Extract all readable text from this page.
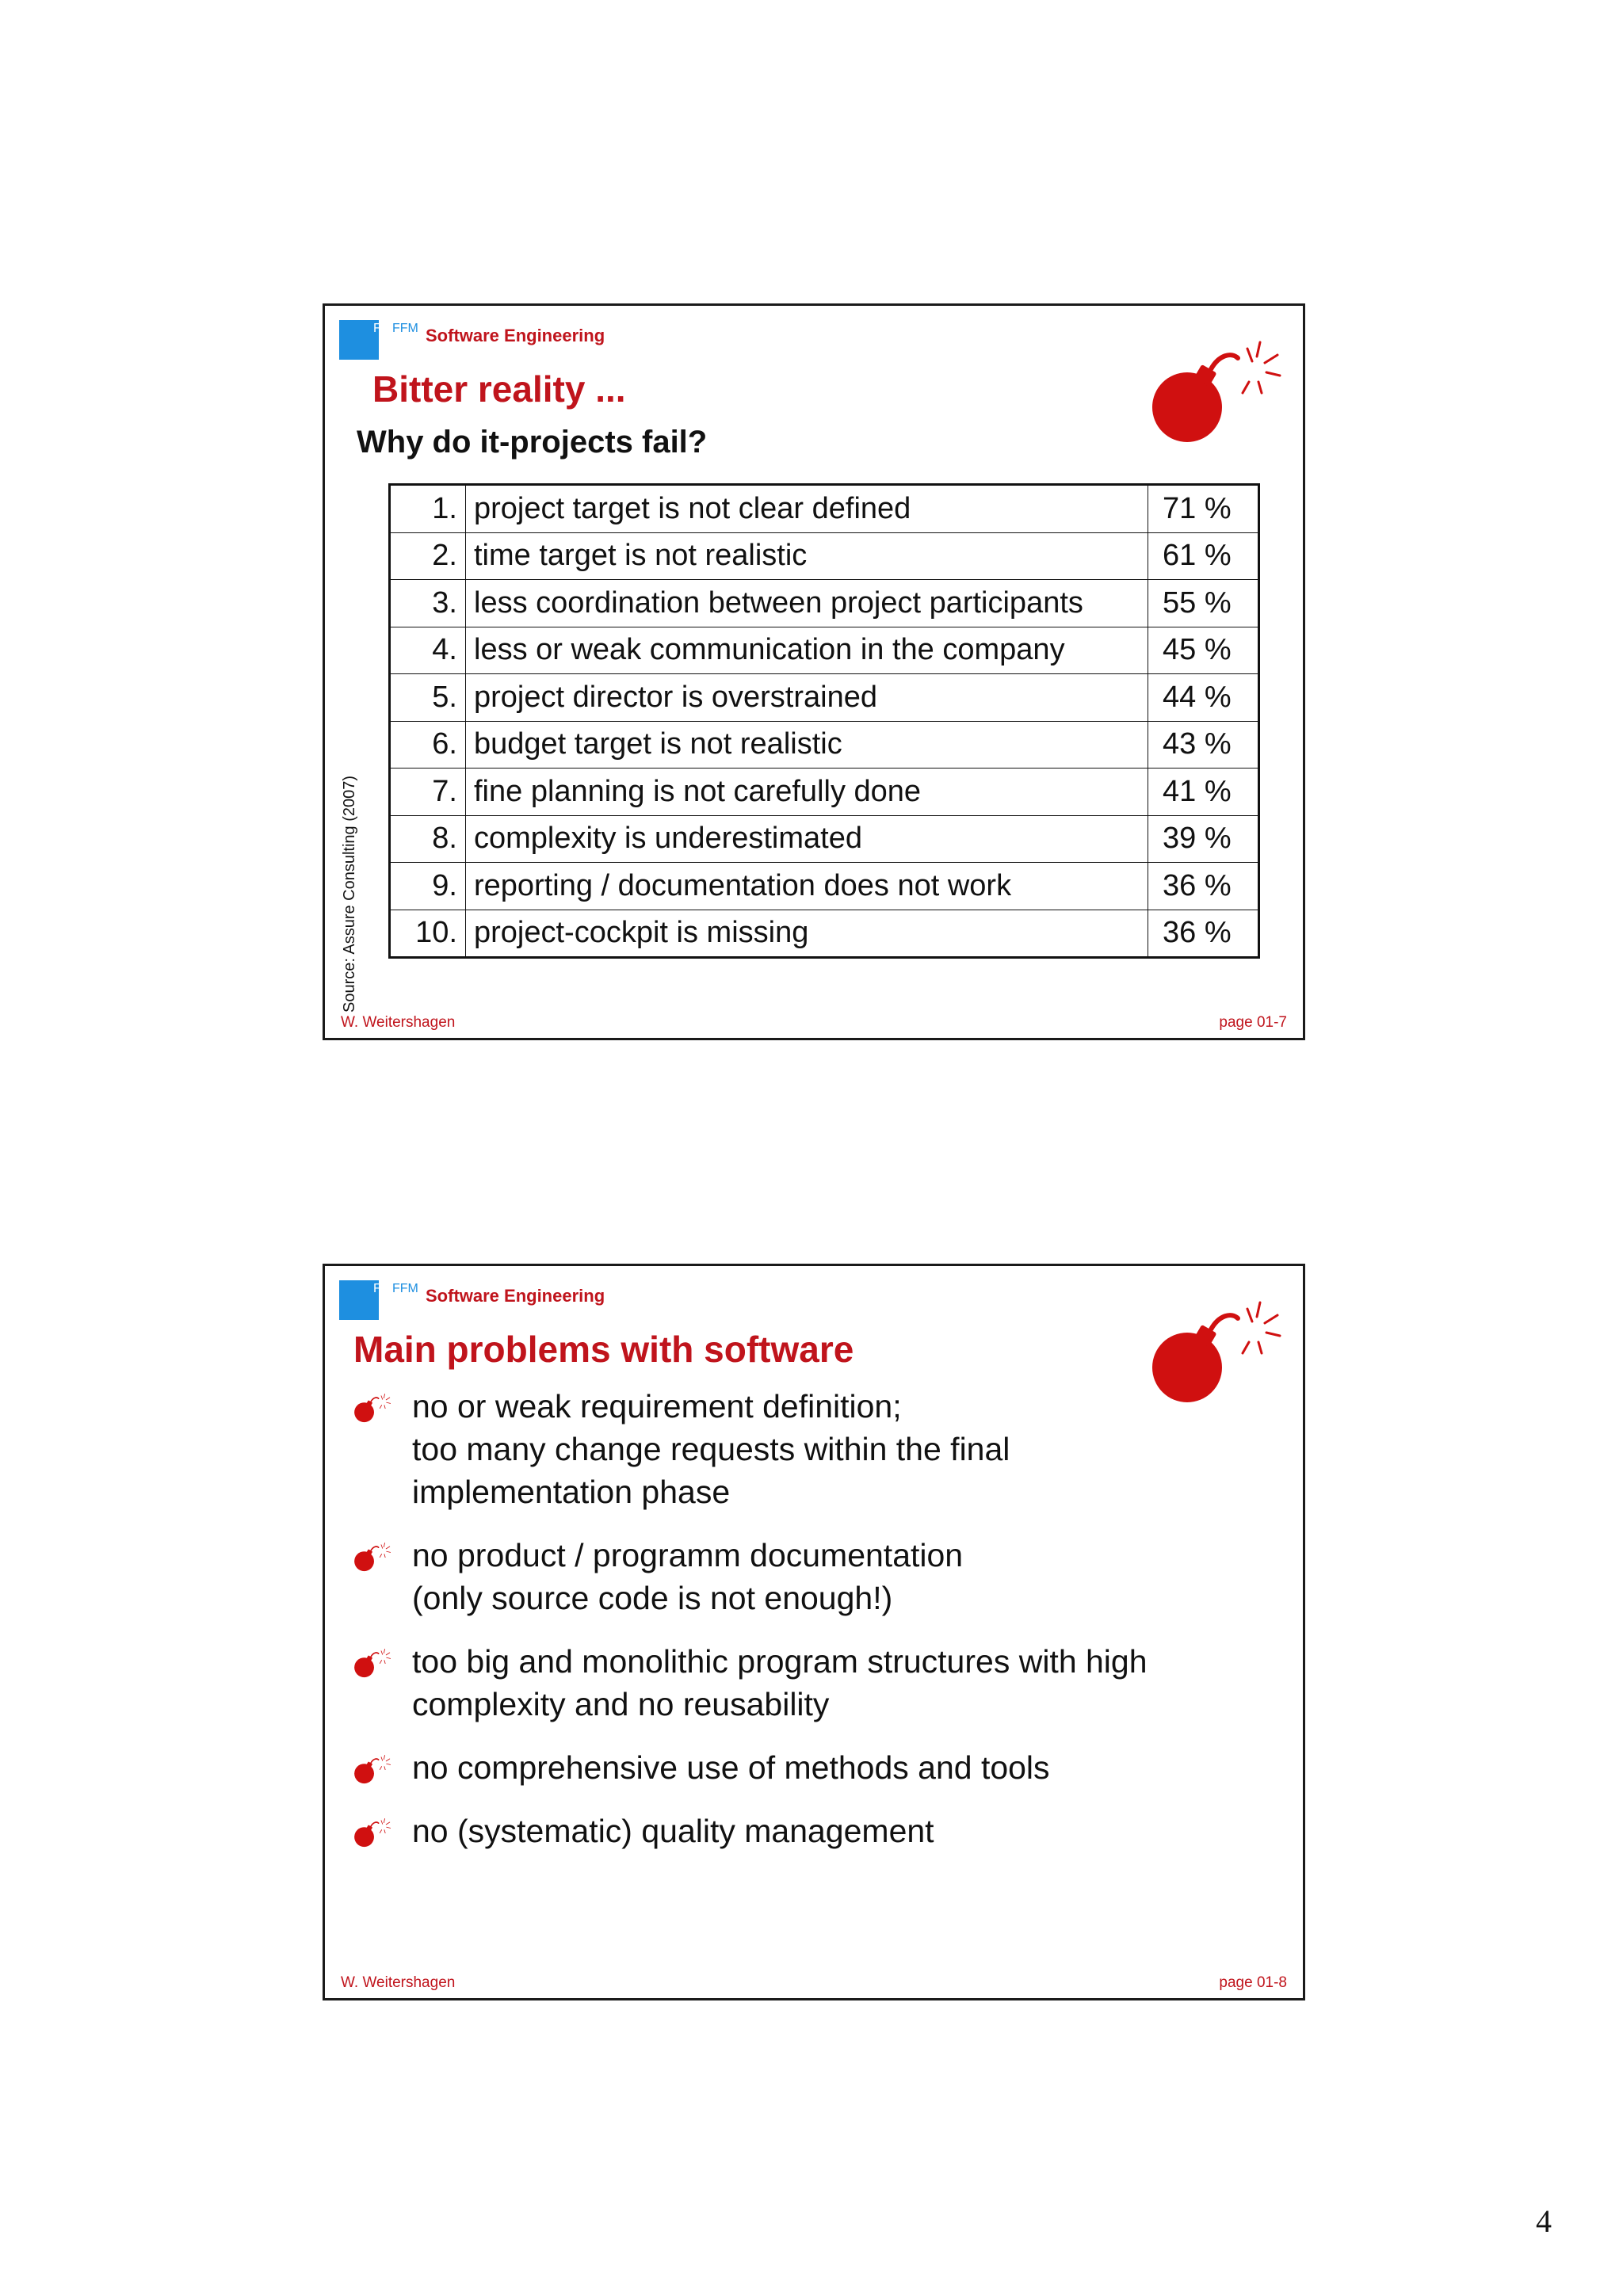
FH FFM Software Engineering
Bitter reality ...
Why do it-projects fail?
1.	project target is not clear defined	71 %
2.	time target is not realistic	61 %
3.	less coordination between project participants	55 %
4.	less or weak communication in the company	45 %
5.	project director is overstrained	44 %
6.	budget target is not realistic	43 %
7.	fine planning is not carefully done	41 %
8.	complexity is underestimated	39 %
9.	reporting / documentation does not work	36 %
10.	project-cockpit is missing	36 %
Source: Assure Consulting (2007)
W. Weitershagen	page 01-7
FH FFM Software Engineering
Main problems with software
no or weak requirement definition;
too many change requests within the final
implementation phase
no product / programm documentation
(only source code is not enough!)
too big and monolithic program structures with high
complexity and no reusability
no comprehensive use of methods and tools
no (systematic) quality management
W. Weitershagen	page 01-8
4
